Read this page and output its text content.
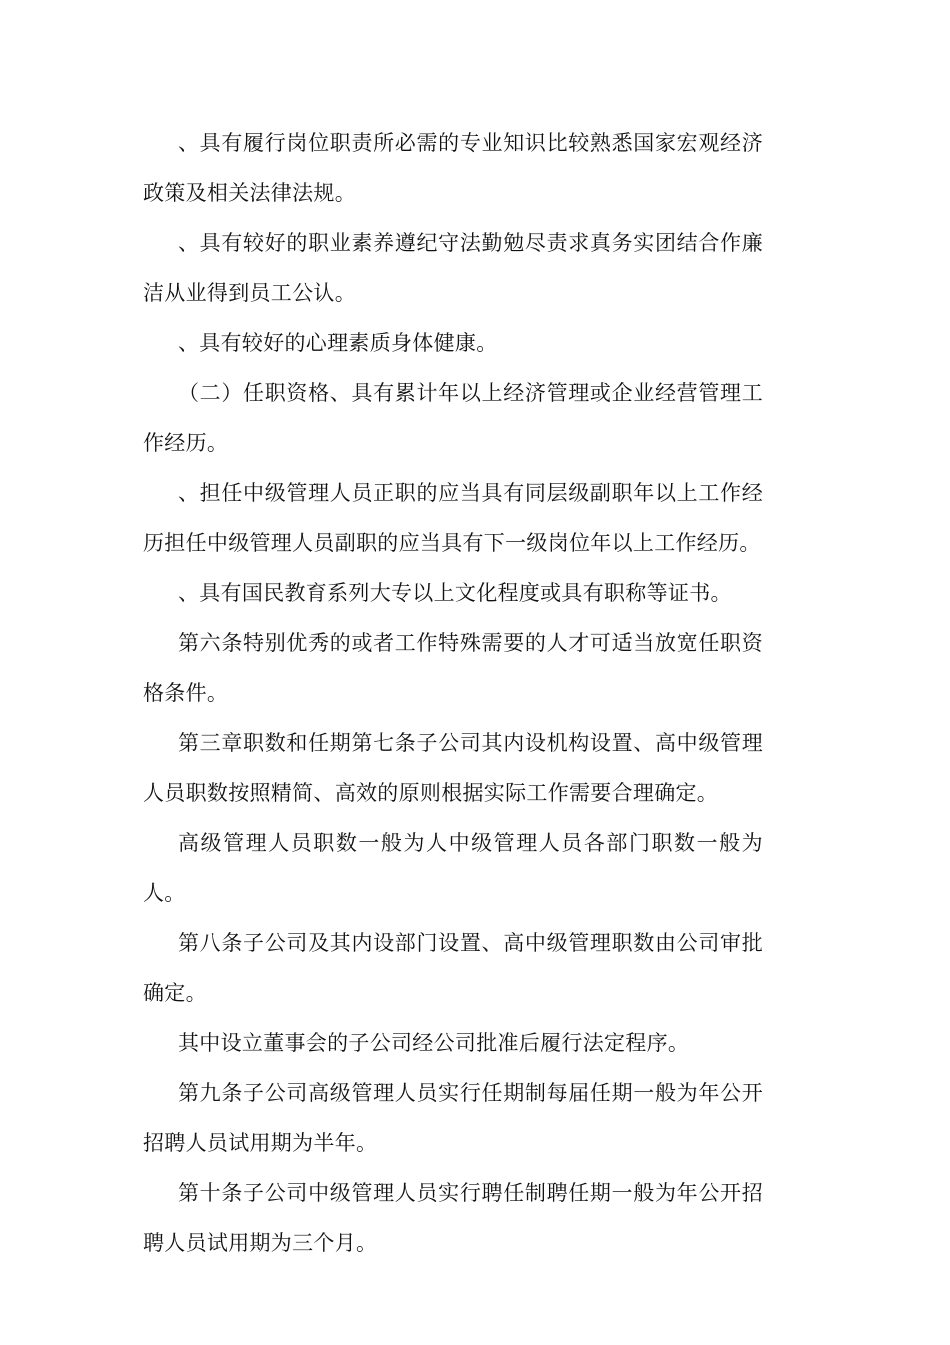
、具有履行岗位职责所必需的专业知识比较熟悉国家宏观经济政策及相关法律法规。

、具有较好的职业素养遵纪守法勤勉尽责求真务实团结合作廉洁从业得到员工公认。

、具有较好的心理素质身体健康。

（二）任职资格、具有累计年以上经济管理或企业经营管理工作经历。

、担任中级管理人员正职的应当具有同层级副职年以上工作经历担任中级管理人员副职的应当具有下一级岗位年以上工作经历。

、具有国民教育系列大专以上文化程度或具有职称等证书。

第六条特别优秀的或者工作特殊需要的人才可适当放宽任职资格条件。

第三章职数和任期第七条子公司其内设机构设置、高中级管理人员职数按照精简、高效的原则根据实际工作需要合理确定。

高级管理人员职数一般为人中级管理人员各部门职数一般为人。

第八条子公司及其内设部门设置、高中级管理职数由公司审批确定。

其中设立董事会的子公司经公司批准后履行法定程序。

第九条子公司高级管理人员实行任期制每届任期一般为年公开招聘人员试用期为半年。

第十条子公司中级管理人员实行聘任制聘任期一般为年公开招聘人员试用期为三个月。
